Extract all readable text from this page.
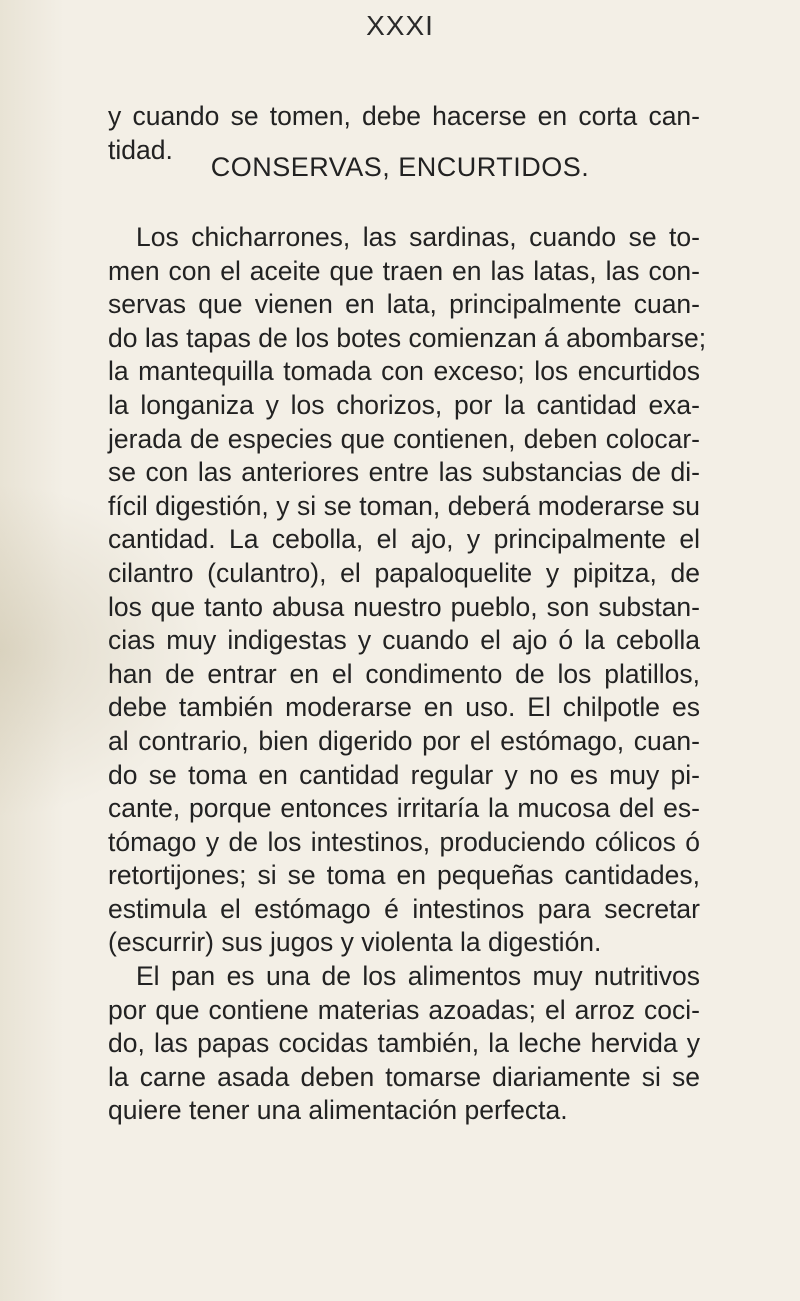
XXXI
y cuando se tomen, debe hacerse en corta can-
tidad.
CONSERVAS, ENCURTIDOS.
Los chicharrones, las sardinas, cuando se to-
men con el aceite que traen en las latas, las con-
servas que vienen en lata, principalmente cuan-
do las tapas de los botes comienzan á abombarse;
la mantequilla tomada con exceso; los encurtidos
la longaniza y los chorizos, por la cantidad exa-
jerada de especies que contienen, deben colocar-
se con las anteriores entre las substancias de di-
fícil digestión, y si se toman, deberá moderarse su
cantidad. La cebolla, el ajo, y principalmente el
cilantro (culantro), el papaloquelite y pipitza, de
los que tanto abusa nuestro pueblo, son substan-
cias muy indigestas y cuando el ajo ó la cebolla
han de entrar en el condimento de los platillos,
debe también moderarse en uso. El chilpotle es
al contrario, bien digerido por el estómago, cuan-
do se toma en cantidad regular y no es muy pi-
cante, porque entonces irritaría la mucosa del es-
tómago y de los intestinos, produciendo cólicos ó
retortijones; si se toma en pequeñas cantidades,
estimula el estómago é intestinos para secretar
(escurrir) sus jugos y violenta la digestión.
El pan es una de los alimentos muy nutritivos
por que contiene materias azoadas; el arroz coci-
do, las papas cocidas también, la leche hervida y
la carne asada deben tomarse diariamente si se
quiere tener una alimentación perfecta.
